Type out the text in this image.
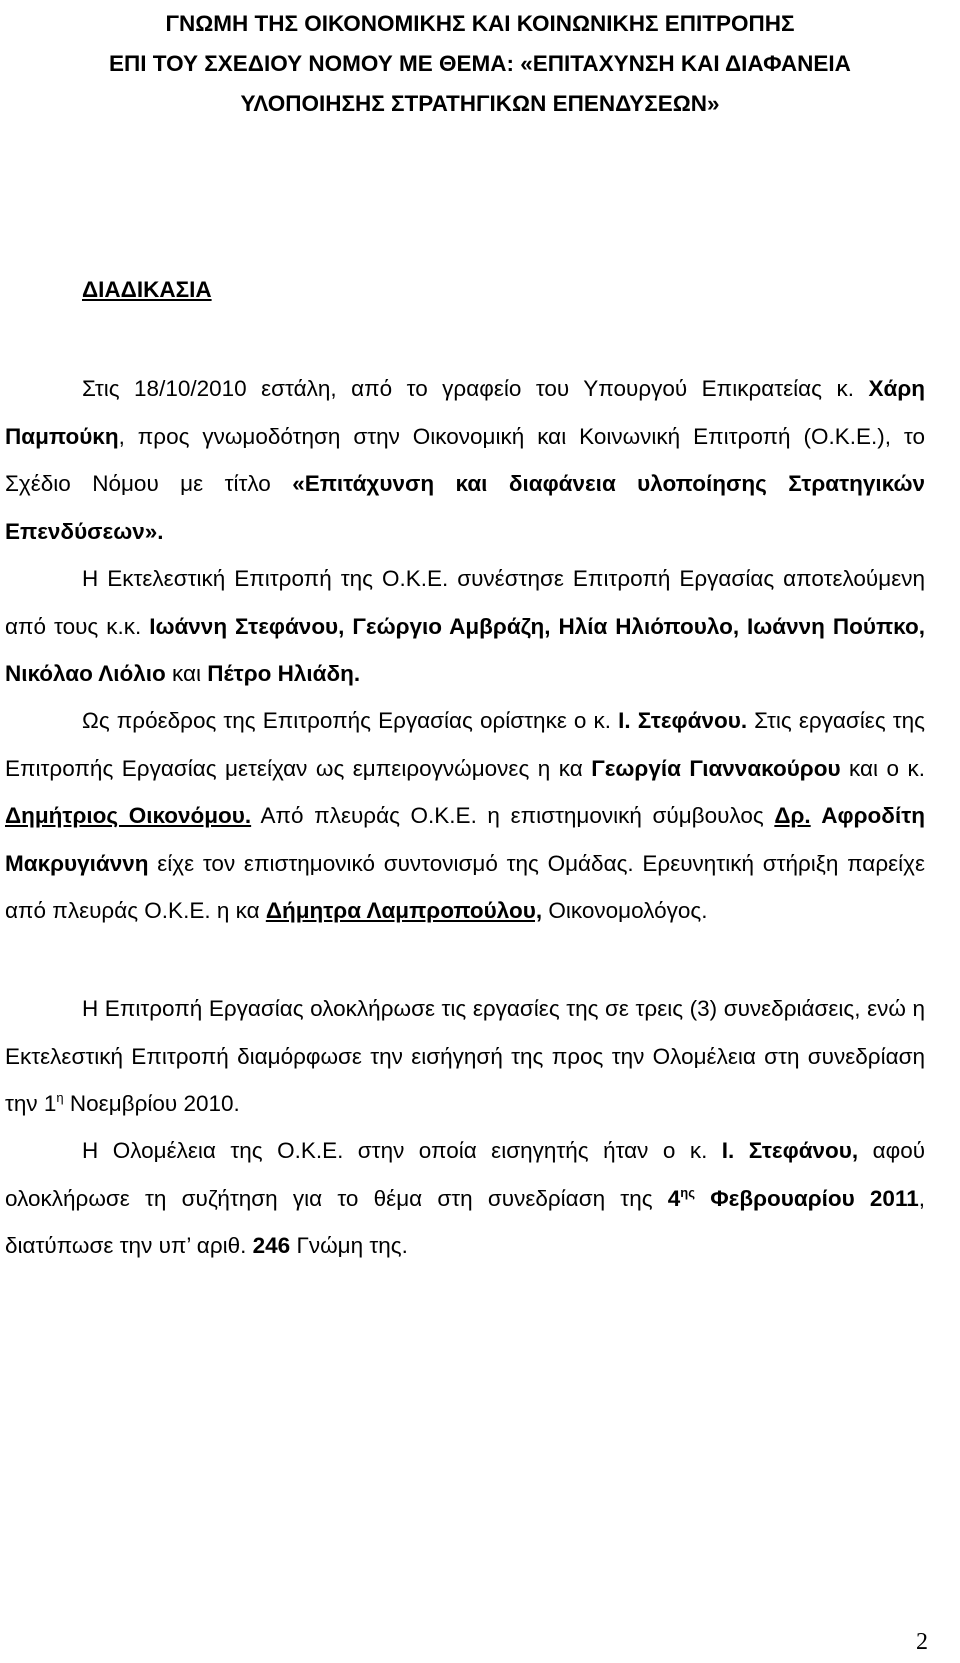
ΓΝΩΜΗ ΤΗΣ ΟΙΚΟΝΟΜΙΚΗΣ ΚΑΙ ΚΟΙΝΩΝΙΚΗΣ ΕΠΙΤΡΟΠΗΣ
ΕΠΙ ΤΟΥ ΣΧΕΔΙΟΥ ΝΟΜΟΥ ΜΕ ΘΕΜΑ: «ΕΠΙΤΑΧΥΝΣΗ ΚΑΙ ΔΙΑΦΑΝΕΙΑ
ΥΛΟΠΟΙΗΣΗΣ ΣΤΡΑΤΗΓΙΚΩΝ ΕΠΕΝΔΥΣΕΩΝ»
ΔΙΑΔΙΚΑΣΙΑ

Στις 18/10/2010 εστάλη, από το γραφείο του Υπουργού Επικρατείας κ. Χάρη Παμπούκη, προς γνωμοδότηση στην Οικονομική και Κοινωνική Επιτροπή (Ο.Κ.Ε.), το Σχέδιο Νόμου με τίτλο «Επιτάχυνση και διαφάνεια υλοποίησης Στρατηγικών Επενδύσεων».

Η Εκτελεστική Επιτροπή της Ο.Κ.Ε. συνέστησε Επιτροπή Εργασίας αποτελούμενη από τους κ.κ. Ιωάννη Στεφάνου, Γεώργιο Αμβράζη, Ηλία Ηλιόπουλο, Ιωάννη Πούπκο, Νικόλαο Λιόλιο και Πέτρο Ηλιάδη.

Ως πρόεδρος της Επιτροπής Εργασίας ορίστηκε ο κ. Ι. Στεφάνου. Στις εργασίες της Επιτροπής Εργασίας μετείχαν ως εμπειρογνώμονες η κα Γεωργία Γιαννακούρου και ο κ. Δημήτριος Οικονόμου. Από πλευράς Ο.Κ.Ε. η επιστημονική σύμβουλος Δρ. Αφροδίτη Μακρυγιάννη είχε τον επιστημονικό συντονισμό της Ομάδας. Ερευνητική στήριξη παρείχε από πλευράς Ο.Κ.Ε. η κα Δήμητρα Λαμπροπούλου, Οικονομολόγος.

Η Επιτροπή Εργασίας ολοκλήρωσε τις εργασίες της σε τρεις (3) συνεδριάσεις, ενώ η Εκτελεστική Επιτροπή διαμόρφωσε την εισήγησή της προς την Ολομέλεια στη συνεδρίαση την $1^\eta$ Νοεμβρίου 2010.

Η Ολομέλεια της Ο.Κ.Ε. στην οποία εισηγητής ήταν ο κ. Ι. Στεφάνου, αφού ολοκλήρωσε τη συζήτηση για το θέμα στη συνεδρίαση της $4^{\eta\varsigma}$ Φεβρουαρίου 2011, διατύπωσε την υπ’ αριθ. 246 Γνώμη της.

2
